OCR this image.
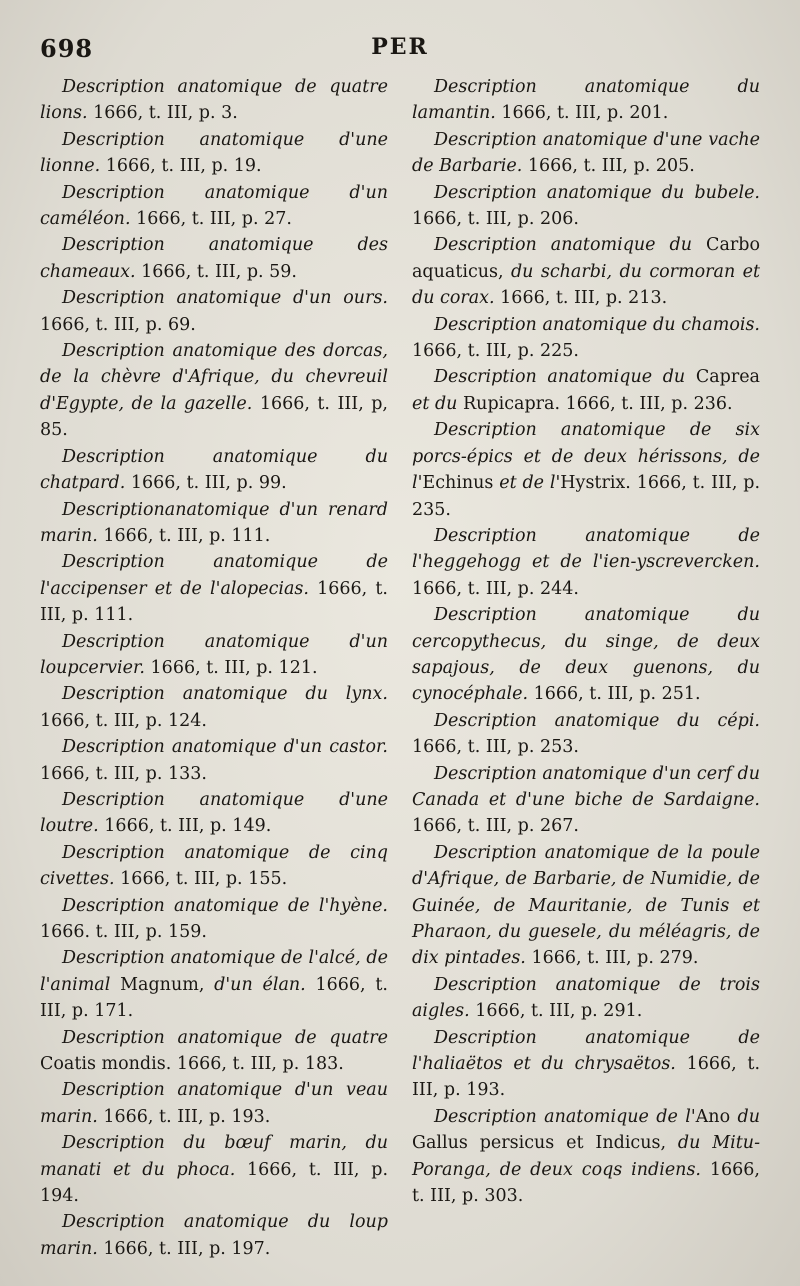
698	PER

Description anatomique de quatre lions. 1666, t. III, p. 3.

Description anatomique d'une lionne. 1666, t. III, p. 19.

Description anatomique d'un caméléon. 1666, t. III, p. 27.

Description anatomique des chameaux. 1666, t. III, p. 59.

Description anatomique d'un ours. 1666, t. III, p. 69.

Description anatomique des dorcas, de la chèvre d'Afrique, du chevreuil d'Egypte, de la gazelle. 1666, t. III, p, 85.

Description anatomique du chatpard. 1666, t. III, p. 99.

Descriptionanatomique d'un renard marin. 1666, t. III, p. 111.

Description anatomique de l'accipenser et de l'alopecias. 1666, t. III, p. 111.

Description anatomique d'un loupcervier. 1666, t. III, p. 121.

Description anatomique du lynx. 1666, t. III, p. 124.

Description anatomique d'un castor. 1666, t. III, p. 133.

Description anatomique d'une loutre. 1666, t. III, p. 149.

Description anatomique de cinq civettes. 1666, t. III, p. 155.

Description anatomique de l'hyène. 1666. t. III, p. 159.

Description anatomique de l'alcé, de l'animal Magnum, d'un élan. 1666, t. III, p. 171.

Description anatomique de quatre Coatis mondis. 1666, t. III, p. 183.

Description anatomique d'un veau marin. 1666, t. III, p. 193.

Description du bœuf marin, du manati et du phoca. 1666, t. III, p. 194.

Description anatomique du loup marin. 1666, t. III, p. 197.

Description anatomique du lamantin. 1666, t. III, p. 201.

Description anatomique d'une vache de Barbarie. 1666, t. III, p. 205.

Description anatomique du bubele. 1666, t. III, p. 206.

Description anatomique du Carbo aquaticus, du scharbi, du cormoran et du corax. 1666, t. III, p. 213.

Description anatomique du chamois. 1666, t. III, p. 225.

Description anatomique du Caprea et du Rupicapra. 1666, t. III, p. 236.

Description anatomique de six porcs-épics et de deux hérissons, de l'Echinus et de l'Hystrix. 1666, t. III, p. 235.

Description anatomique de l'heggehogg et de l'ien-yscrevercken. 1666, t. III, p. 244.

Description anatomique du cercopythecus, du singe, de deux sapajous, de deux guenons, du cynocéphale. 1666, t. III, p. 251.

Description anatomique du cépi. 1666, t. III, p. 253.

Description anatomique d'un cerf du Canada et d'une biche de Sardaigne. 1666, t. III, p. 267.

Description anatomique de la poule d'Afrique, de Barbarie, de Numidie, de Guinée, de Mauritanie, de Tunis et Pharaon, du guesele, du méléagris, de dix pintades. 1666, t. III, p. 279.

Description anatomique de trois aigles. 1666, t. III, p. 291.

Description anatomique de l'haliaëtos et du chrysaëtos. 1666, t. III, p. 193.

Description anatomique de l'Ano du Gallus persicus et Indicus, du Mitu-Poranga, de deux coqs indiens. 1666, t. III, p. 303.
